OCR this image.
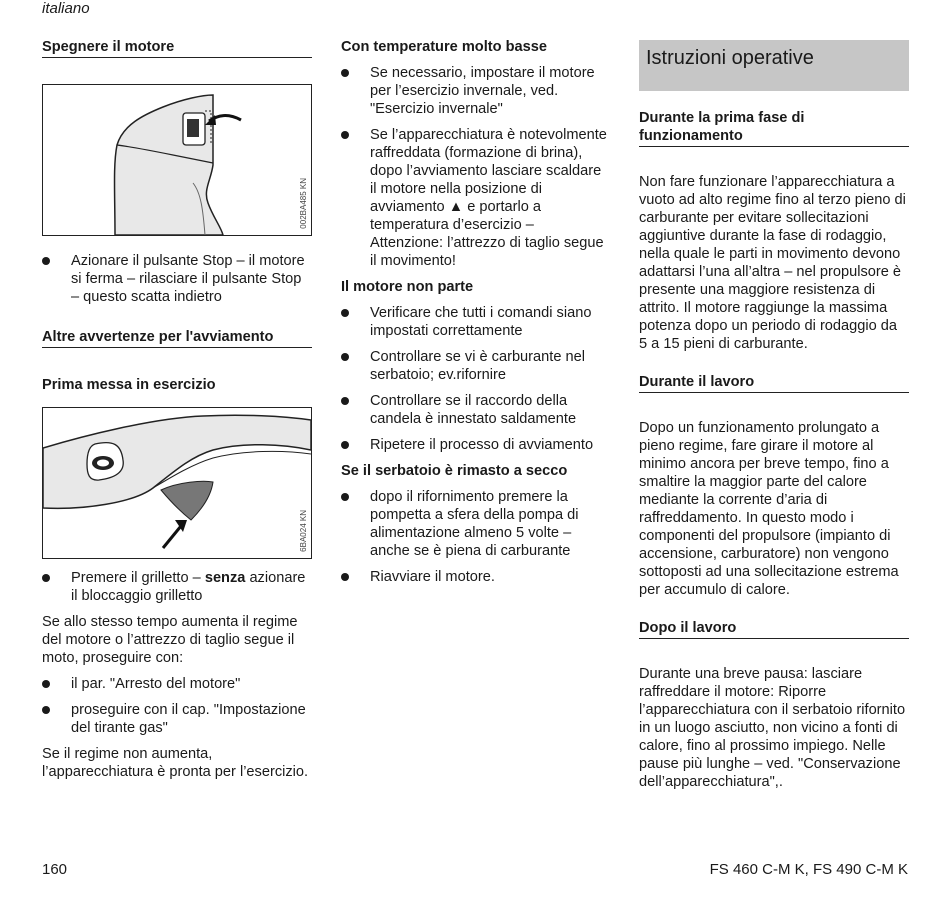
italiano
Spegnere il motore
002BA485 KN
Azionare il pulsante Stop – il motore si ferma – rilasciare il pulsante Stop – questo scatta indietro
Altre avvertenze per l'avviamento
Prima messa in esercizio
6BA024 KN
Premere il grilletto – senza azionare il bloccaggio grilletto

Se allo stesso tempo aumenta il regime del motore o l’attrezzo di taglio segue il moto, proseguire con:

il par. "Arresto del motore"
proseguire con il cap. "Impostazione del tirante gas"

Se il regime non aumenta, l’apparecchiatura è pronta per l’esercizio.

Con temperature molto basse
Se necessario, impostare il motore per l’esercizio invernale, ved. "Esercizio invernale"
Se l’apparecchiatura è notevolmente raffreddata (formazione di brina), dopo l’avviamento lasciare scaldare il motore nella posizione di avviamento ▲ e portarlo a temperatura d’esercizio – Attenzione: l’attrezzo di taglio segue il movimento!
Il motore non parte
Verificare che tutti i comandi siano impostati correttamente
Controllare se vi è carburante nel serbatoio; ev.rifornire
Controllare se il raccordo della candela è innestato saldamente
Ripetere il processo di avviamento
Se il serbatoio è rimasto a secco
dopo il rifornimento premere la pompetta a sfera della pompa di alimentazione almeno 5 volte – anche se è piena di carburante
Riavviare il motore.
Istruzioni operative
Durante la prima fase di funzionamento

Non fare funzionare l’apparecchiatura a vuoto ad alto regime fino al terzo pieno di carburante per evitare sollecitazioni aggiuntive durante la fase di rodaggio, nella quale le parti in movimento devono adattarsi l’una all’altra – nel propulsore è presente una maggiore resistenza di attrito. Il motore raggiunge la massima potenza dopo un periodo di rodaggio da 5 a 15 pieni di carburante.

Durante il lavoro

Dopo un funzionamento prolungato a pieno regime, fare girare il motore al minimo ancora per breve tempo, fino a smaltire la maggior parte del calore mediante la corrente d’aria di raffreddamento. In questo modo i componenti del propulsore (impianto di accensione, carburatore) non vengono sottoposti ad una sollecitazione estrema per accumulo di calore.

Dopo il lavoro

Durante una breve pausa: lasciare raffreddare il motore: Riporre l’apparecchiatura con il serbatoio rifornito in un luogo asciutto, non vicino a fonti di calore, fino al prossimo impiego. Nelle pause più lunghe – ved. "Conservazione dell’apparecchiatura",.

160	FS 460 C-M K, FS 490 C-M K
